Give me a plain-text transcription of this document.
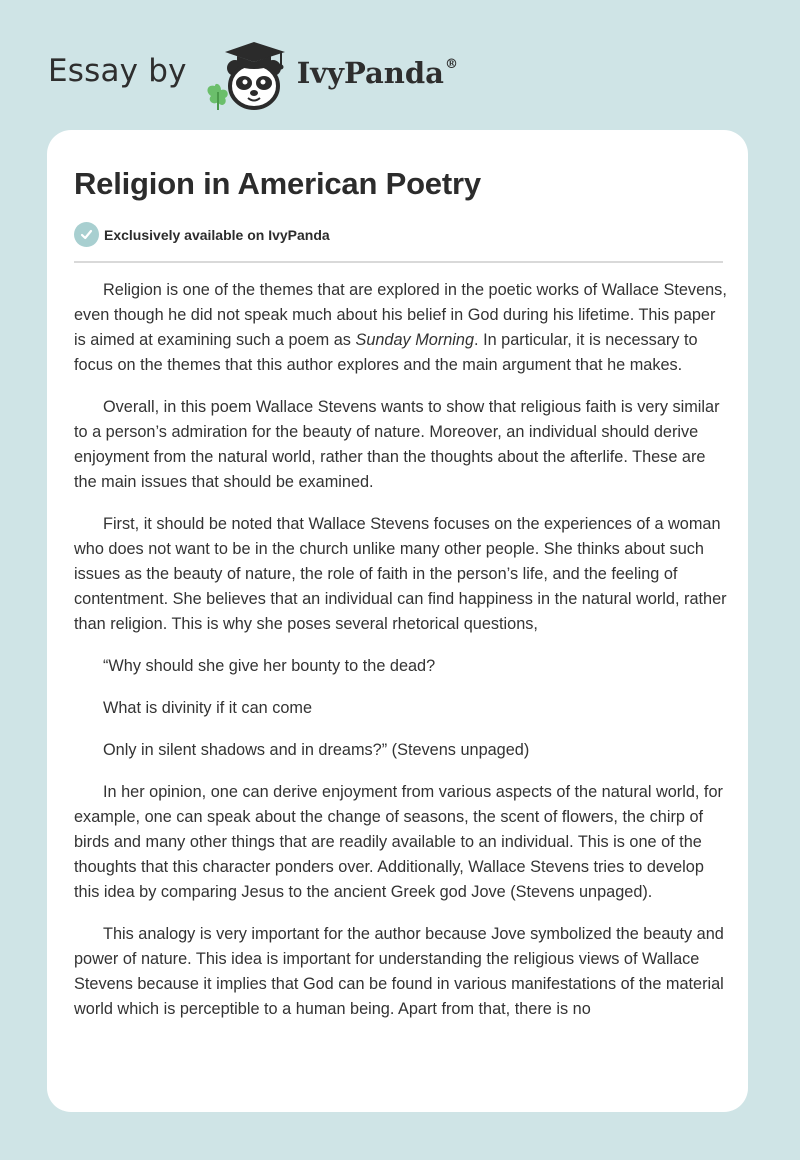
Essay by	IvyPanda®
Religion in American Poetry
Exclusively available on IvyPanda

Religion is one of the themes that are explored in the poetic works of Wallace Stevens, even though he did not speak much about his belief in God during his lifetime. This paper is aimed at examining such a poem as Sunday Morning. In particular, it is necessary to focus on the themes that this author explores and the main argument that he makes.

Overall, in this poem Wallace Stevens wants to show that religious faith is very similar to a person’s admiration for the beauty of nature. Moreover, an individual should derive enjoyment from the natural world, rather than the thoughts about the afterlife. These are the main issues that should be examined.

First, it should be noted that Wallace Stevens focuses on the experiences of a woman who does not want to be in the church unlike many other people. She thinks about such issues as the beauty of nature, the role of faith in the person’s life, and the feeling of contentment. She believes that an individual can find happiness in the natural world, rather than religion. This is why she poses several rhetorical questions,

“Why should she give her bounty to the dead?

What is divinity if it can come

Only in silent shadows and in dreams?” (Stevens unpaged)

In her opinion, one can derive enjoyment from various aspects of the natural world, for example, one can speak about the change of seasons, the scent of flowers, the chirp of birds and many other things that are readily available to an individual. This is one of the thoughts that this character ponders over. Additionally, Wallace Stevens tries to develop this idea by comparing Jesus to the ancient Greek god Jove (Stevens unpaged).

This analogy is very important for the author because Jove symbolized the beauty and power of nature. This idea is important for understanding the religious views of Wallace Stevens because it implies that God can be found in various manifestations of the material world which is perceptible to a human being. Apart from that, there is no
